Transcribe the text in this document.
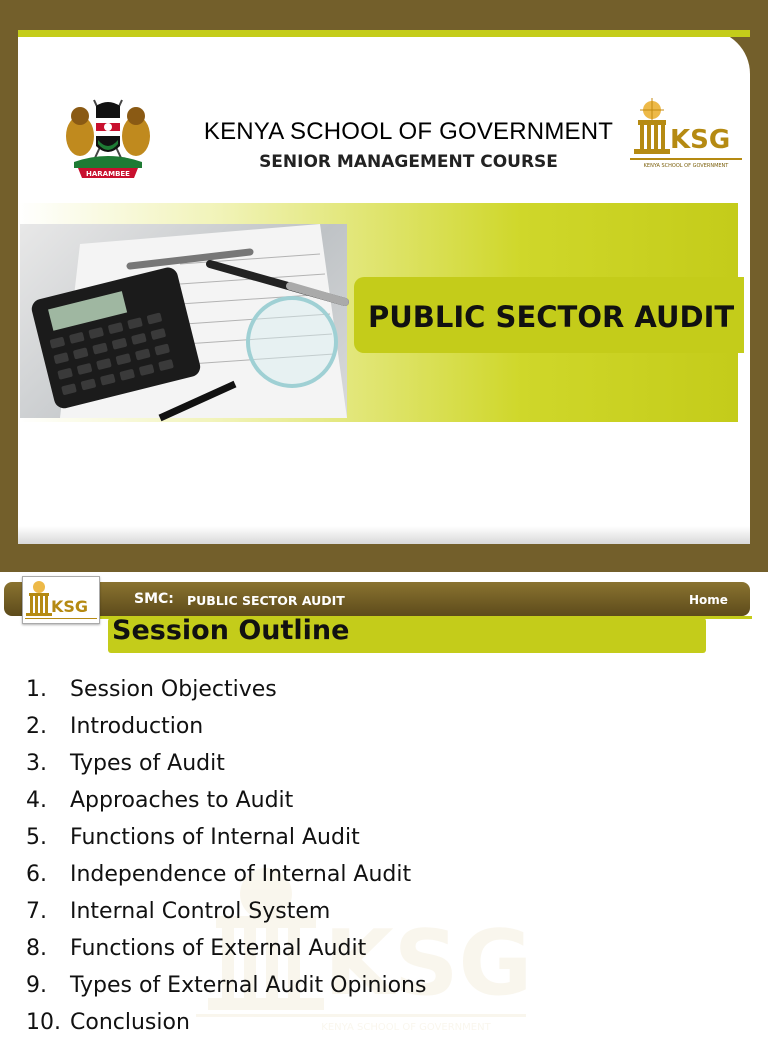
HARAMBEE
KENYA SCHOOL OF GOVERNMENT
SENIOR MANAGEMENT COURSE
KSG
KENYA SCHOOL OF GOVERNMENT
PUBLIC SECTOR AUDIT
KSG	SMC: PUBLIC SECTOR AUDIT	Home
Session Outline
KSG
KENYA SCHOOL OF GOVERNMENT
1. Session Objectives
2. Introduction
3. Types of Audit
4. Approaches to Audit
5. Functions of Internal Audit
6. Independence of Internal Audit
7. Internal Control System
8. Functions of External Audit
9. Types of External Audit Opinions
10. Conclusion
